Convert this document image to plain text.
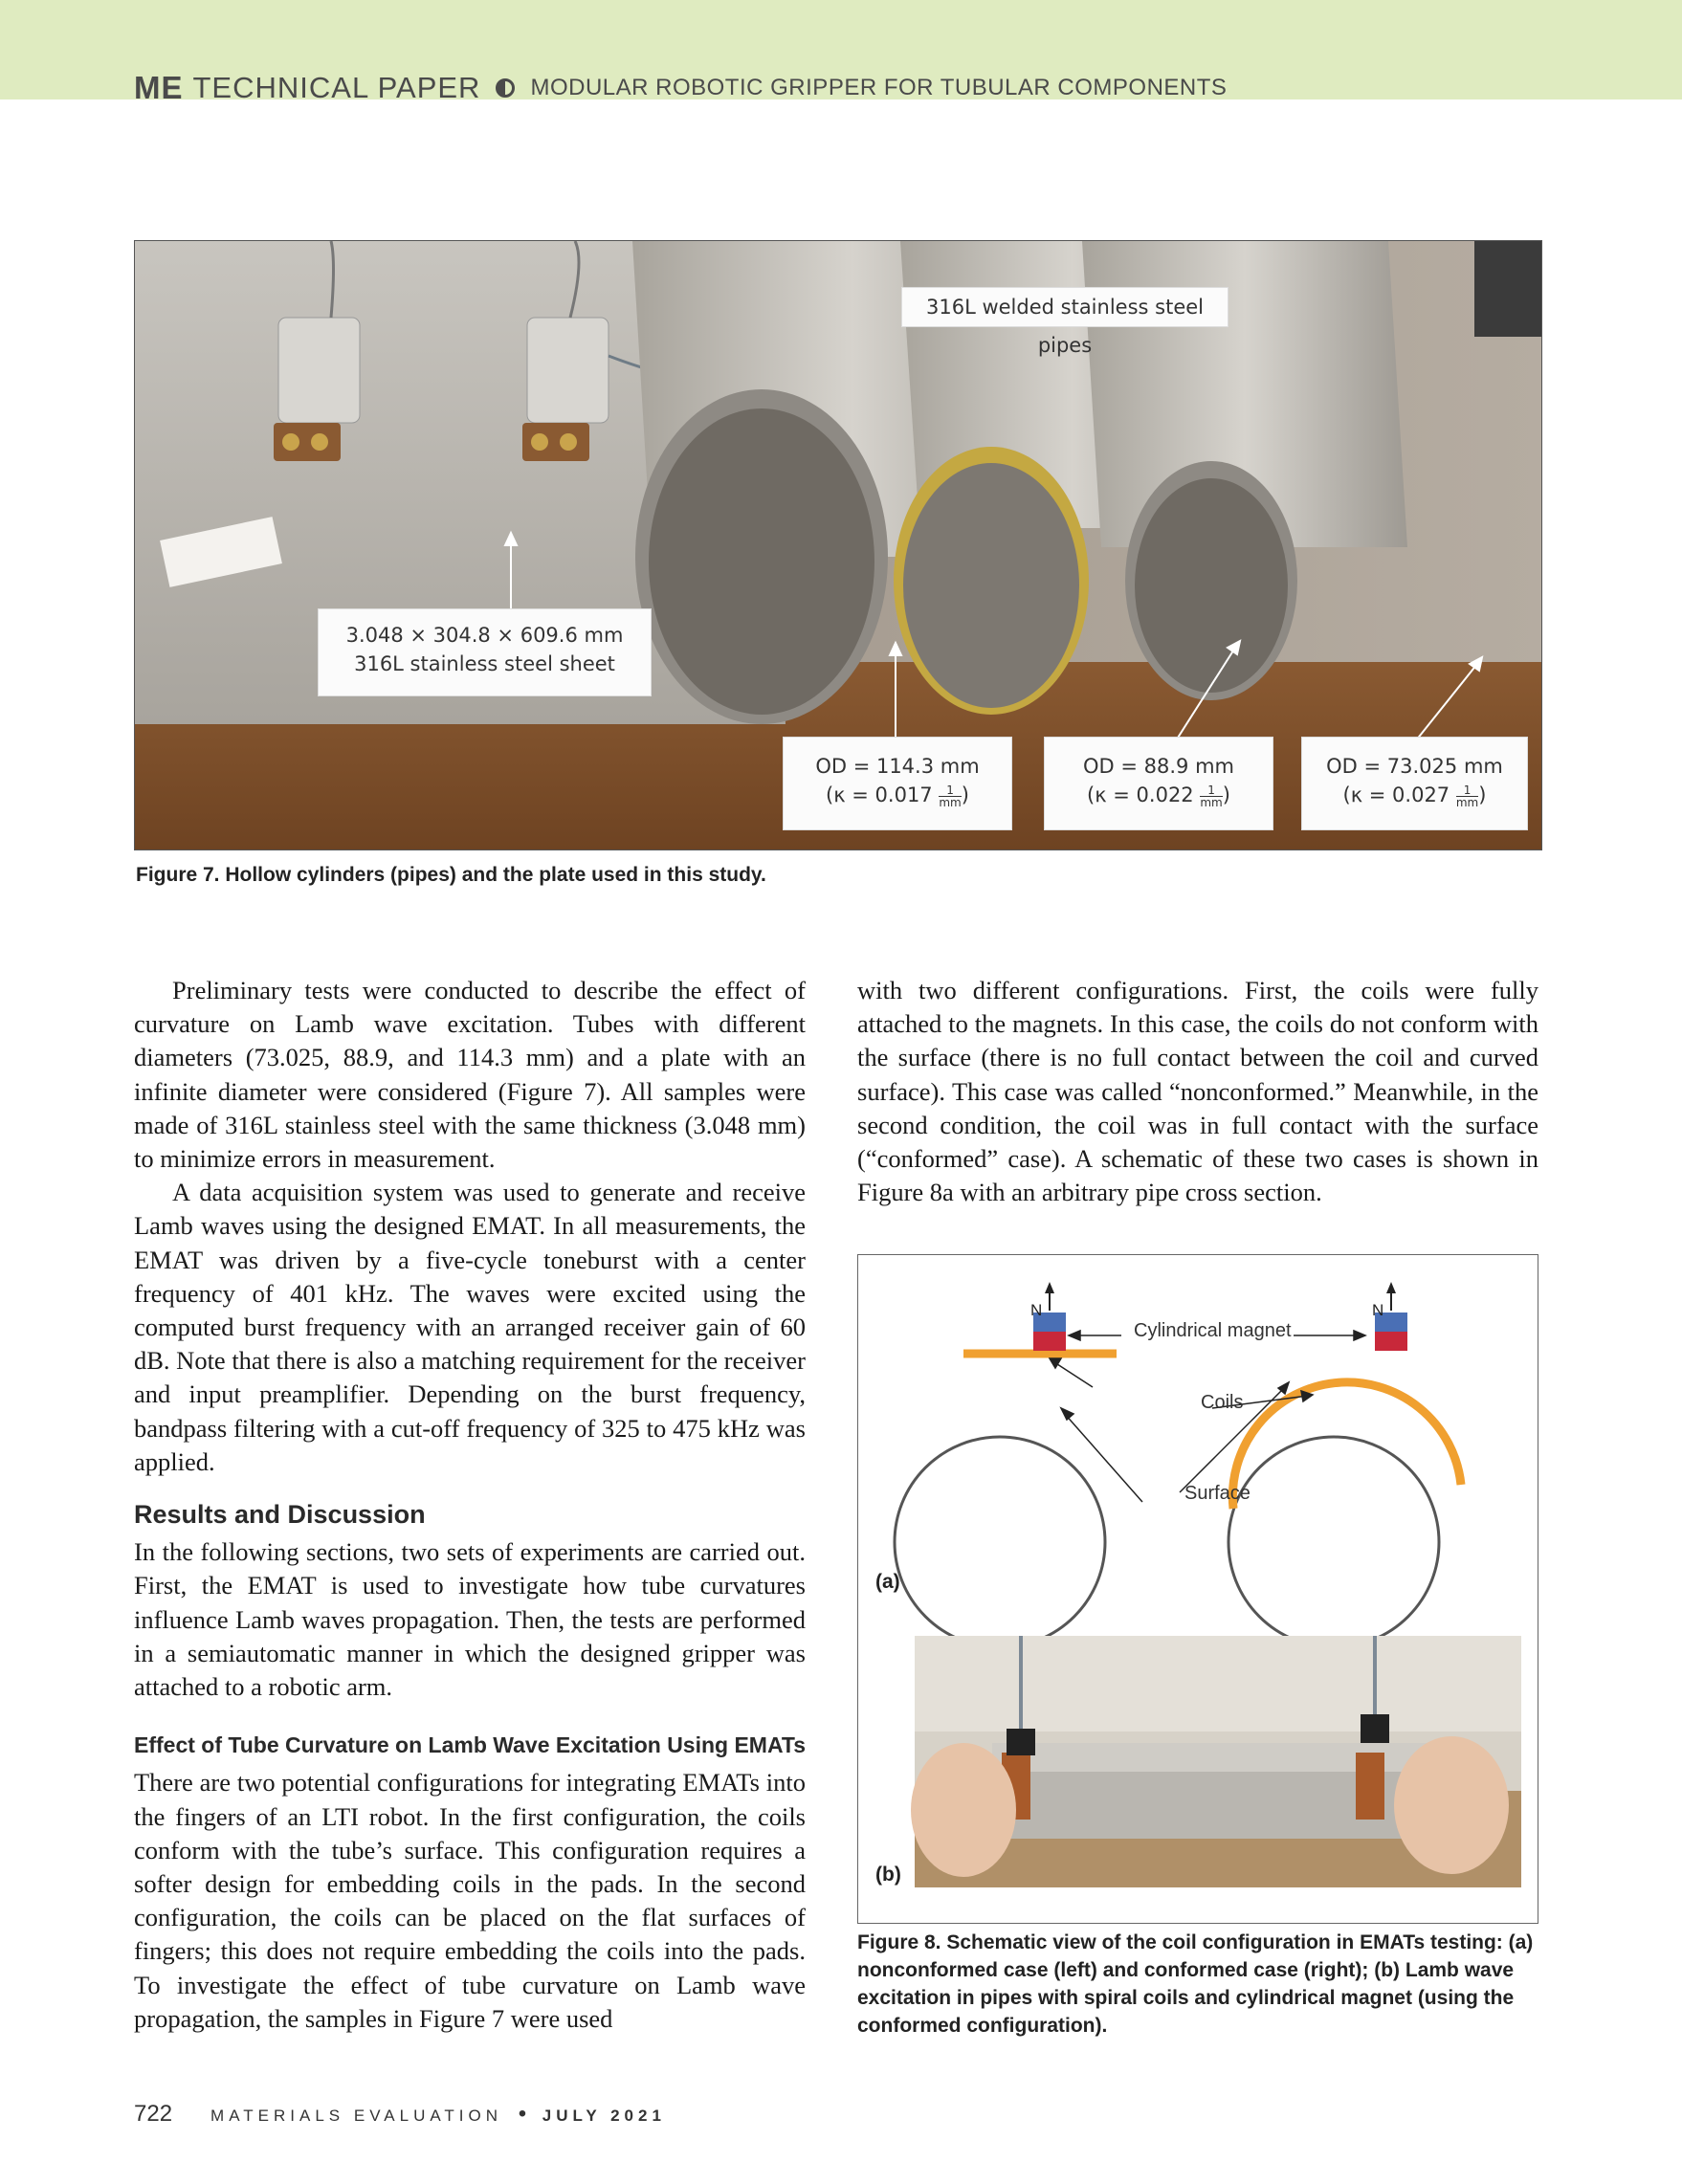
ME TECHNICAL PAPER MODULAR ROBOTIC GRIPPER FOR TUBULAR COMPONENTS
316L welded stainless steel pipes
3.048 × 304.8 × 609.6 mm
316L stainless steel sheet
OD = 114.3 mm
($\kappa = 0.017 \frac{1}{mm}$ )
OD = 88.9 mm
($\kappa = 0.022 \frac{1}{mm}$ )
OD = 73.025 mm
($\kappa = 0.027 \frac{1}{mm}$ )
Figure 7. Hollow cylinders (pipes) and the plate used in this study.

Preliminary tests were conducted to describe the effect of curvature on Lamb wave excitation. Tubes with different diameters (73.025, 88.9, and 114.3 mm) and a plate with an infinite diameter were considered (Figure 7). All samples were made of 316L stainless steel with the same thickness (3.048 mm) to minimize errors in measurement.

A data acquisition system was used to generate and receive Lamb waves using the designed EMAT. In all measurements, the EMAT was driven by a five-cycle toneburst with a center frequency of 401 kHz. The waves were excited using the computed burst frequency with an arranged receiver gain of 60 dB. Note that there is also a matching requirement for the receiver and input preamplifier. Depending on the burst frequency, bandpass filtering with a cut-off frequency of 325 to 475 kHz was applied.

Results and Discussion

In the following sections, two sets of experiments are carried out. First, the EMAT is used to investigate how tube curvatures influence Lamb waves propagation. Then, the tests are performed in a semiautomatic manner in which the designed gripper was attached to a robotic arm.

Effect of Tube Curvature on Lamb Wave Excitation Using EMATs

There are two potential configurations for integrating EMATs into the fingers of an LTI robot. In the first configuration, the coils conform with the tube’s surface. This configuration requires a softer design for embedding coils in the pads. In the second configuration, the coils can be placed on the flat surfaces of fingers; this does not require embedding the coils into the pads. To investigate the effect of tube curvature on Lamb wave propagation, the samples in Figure 7 were used

with two different configurations. First, the coils were fully attached to the magnets. In this case, the coils do not conform with the surface (there is no full contact between the coil and curved surface). This case was called “nonconformed.” Meanwhile, in the second condition, the coil was in full contact with the surface (“conformed” case). A schematic of these two cases is shown in Figure 8a with an arbitrary pipe cross section.

Cylindrical magnet
Coils
Surface
N	N
(a)
(b)
Figure 8. Schematic view of the coil configuration in EMATs testing: (a) nonconformed case (left) and conformed case (right); (b) Lamb wave excitation in pipes with spiral coils and cylindrical magnet (using the conformed configuration).
722 MATERIALS EVALUATION • JULY 2021
